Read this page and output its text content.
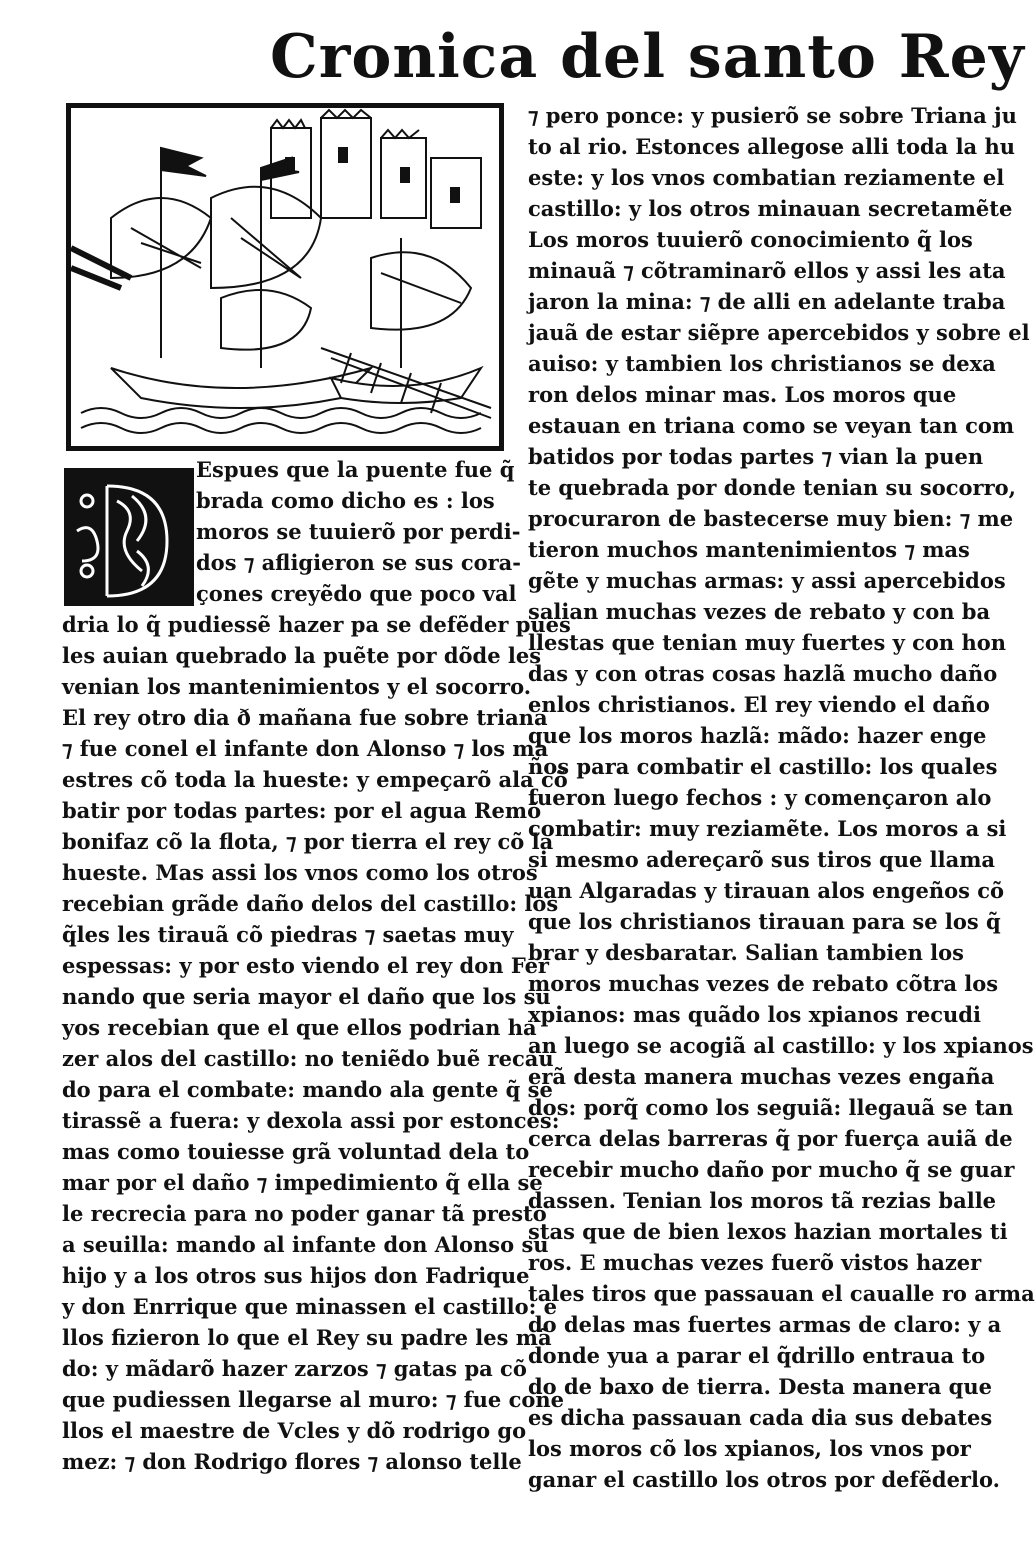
Cronica del santo Rey
Espues que la puente fue q̃
brada como dicho es : los
moros se tuuierõ por perdi-
dos ⁊ afligieron se sus cora-
çones creyẽdo que poco val
dria lo q̃ pudiessẽ hazer pa se defẽder pues
les auian quebrado la puẽte por dõde les
venian los mantenimientos y el socorro.
El rey otro dia ð mañana fue sobre triana
⁊ fue conel el infante don Alonso ⁊ los ma
estres cõ toda la hueste: y empeçarõ ala cõ
batir por todas partes: por el agua Remõ
bonifaz cõ la flota, ⁊ por tierra el rey cõ la
hueste. Mas assi los vnos como los otros
recebian grãde daño delos del castillo: los
q̃les les tirauã cõ piedras ⁊ saetas muy
espessas: y por esto viendo el rey don Fer
nando que seria mayor el daño que los su
yos recebian que el que ellos podrian ha
zer alos del castillo: no teniẽdo buẽ recau
do para el combate: mando ala gente q̃ se
tirassẽ a fuera: y dexola assi por estonces:
mas como touiesse grã voluntad dela to
mar por el daño ⁊ impedimiento q̃ ella se
le recrecia para no poder ganar tã presto
a seuilla: mando al infante don Alonso su
hijo y a los otros sus hijos don Fadrique
y don Enrrique que minassen el castillo: e
llos fizieron lo que el Rey su padre les mã
do: y mãdarõ hazer zarzos ⁊ gatas pa cõ
que pudiessen llegarse al muro: ⁊ fue cone
llos el maestre de Vcles y dõ rodrigo go
mez: ⁊ don Rodrigo flores ⁊ alonso telle
⁊ pero ponce: y pusierõ se sobre Triana ju
to al rio. Estonces allegose alli toda la hu
este: y los vnos combatian reziamente el
castillo: y los otros minauan secretamẽte
Los moros tuuierõ conocimiento q̃ los
minauã ⁊ cõtraminarõ ellos y assi les ata
jaron la mina: ⁊ de alli en adelante traba
jauã de estar siẽpre apercebidos y sobre el
auiso: y tambien los christianos se dexa
ron delos minar mas. Los moros que
estauan en triana como se veyan tan com
batidos por todas partes ⁊ vian la puen
te quebrada por donde tenian su socorro,
procuraron de bastecerse muy bien: ⁊ me
tieron muchos mantenimientos ⁊ mas
gẽte y muchas armas: y assi apercebidos
salian muchas vezes de rebato y con ba
llestas que tenian muy fuertes y con hon
das y con otras cosas hazlã mucho daño
enlos christianos. El rey viendo el daño
que los moros hazlã: mãdo: hazer enge
ños para combatir el castillo: los quales
fueron luego fechos : y començaron alo
combatir: muy reziamẽte. Los moros a si
si mesmo adereçarõ sus tiros que llama
uan Algaradas y tirauan alos engeños cõ
que los christianos tirauan para se los q̃
brar y desbaratar. Salian tambien los
moros muchas vezes de rebato cõtra los
xpianos: mas quãdo los xpianos recudi
an luego se acogiã al castillo: y los xpianos
erã desta manera muchas vezes engaña
dos: porq̃ como los seguiã: llegauã se tan
cerca delas barreras q̃ por fuerça auiã de
recebir mucho daño por mucho q̃ se guar
dassen. Tenian los moros tã rezias balle
stas que de bien lexos hazian mortales ti
ros. E muchas vezes fuerõ vistos hazer
tales tiros que passauan el caualle ro arma
do delas mas fuertes armas de claro: y a
donde yua a parar el q̃drillo entraua to
do de baxo de tierra. Desta manera que
es dicha passauan cada dia sus debates
los moros cõ los xpianos, los vnos por
ganar el castillo los otros por defẽderlo.
